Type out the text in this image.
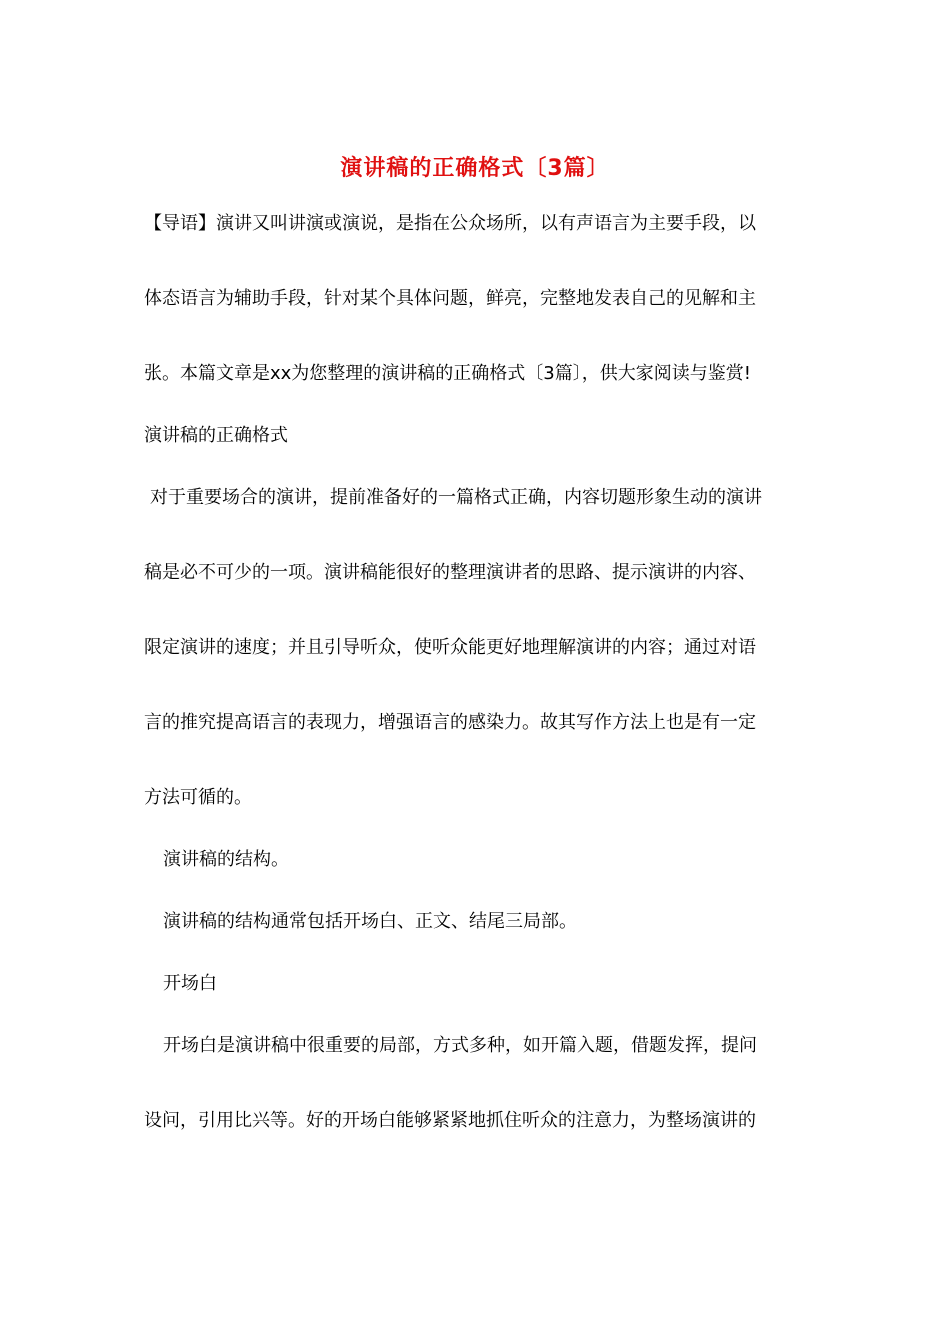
演讲稿的正确格式〔3篇〕

【导语】演讲又叫讲演或演说，是指在公众场所，以有声语言为主要手段，以

体态语言为辅助手段，针对某个具体问题，鲜亮，完整地发表自己的见解和主

张。本篇文章是xx为您整理的演讲稿的正确格式〔3篇〕，供大家阅读与鉴赏!

演讲稿的正确格式

对于重要场合的演讲，提前准备好的一篇格式正确，内容切题形象生动的演讲

稿是必不可少的一项。演讲稿能很好的整理演讲者的思路、提示演讲的内容、

限定演讲的速度；并且引导听众，使听众能更好地理解演讲的内容；通过对语

言的推究提高语言的表现力，增强语言的感染力。故其写作方法上也是有一定

方法可循的。

演讲稿的结构。

演讲稿的结构通常包括开场白、正文、结尾三局部。

开场白

开场白是演讲稿中很重要的局部，方式多种，如开篇入题，借题发挥，提问

设问，引用比兴等。好的开场白能够紧紧地抓住听众的注意力，为整场演讲的
